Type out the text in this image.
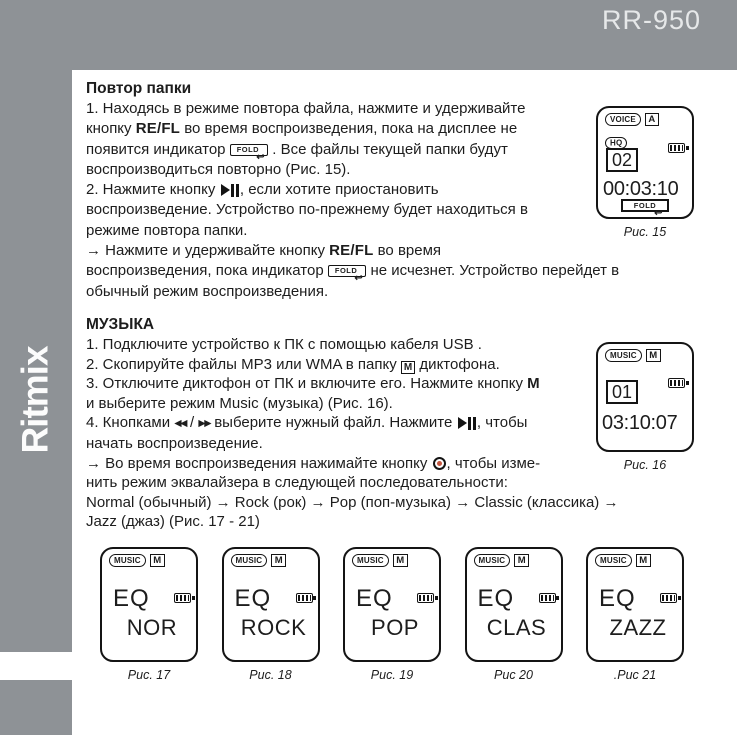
RR-950
Ritmix
Повтор папки
1. Находясь в режиме повтора файла, нажмите и удерживайте
кнопку RE/FL во время воспроизведения, пока на дисплее не
появится индикатор FOLD
↩ . Все файлы текущей папки будут
воспроизводиться повторно (Рис. 15).
2. Нажмите кнопку
, если хотите приостановить
воспроизведение. Устройство по-прежнему будет находиться в
режиме повтора папки.
→ Нажмите и удерживайте кнопку RE/FL во время
воспроизведения, пока индикатор FOLD
↩ не исчезнет. Устройство перейдет в
обычный режим воспроизведения.
МУЗЫКА
1. Подключите устройство к ПК с помощью кабеля USB .
2. Скопируйте файлы MP3 или WMA в папку M диктофона.
3. Отключите диктофон от ПК и включите его. Нажмите кнопку M
и выберите режим Music (музыка) (Рис. 16).
4. Кнопками ◀◀ / ▶▶ выберите нужный файл. Нажмите
, чтобы
начать воспроизведение.
→ Во время воспроизведения нажимайте кнопку
, чтобы изме-
нить режим эквалайзера в следующей последовательности:
Normal (обычный) → Rock (рок) → Pop (поп-музыка) → Classic (классика) →
Jazz (джаз) (Рис. 17 - 21)
VOICE	A
HQ
02
00:03:10
FOLD
↩
Рис. 15
MUSIC	M
01
03:10:07
Рис. 16
MUSIC	M
EQ
NOR
Рис. 17
MUSIC	M
EQ
ROCK
Рис. 18
MUSIC	M
EQ
POP
Рис. 19
MUSIC	M
EQ
CLAS
Рис 20
MUSIC	M
EQ
ZAZZ
.Рис 21
